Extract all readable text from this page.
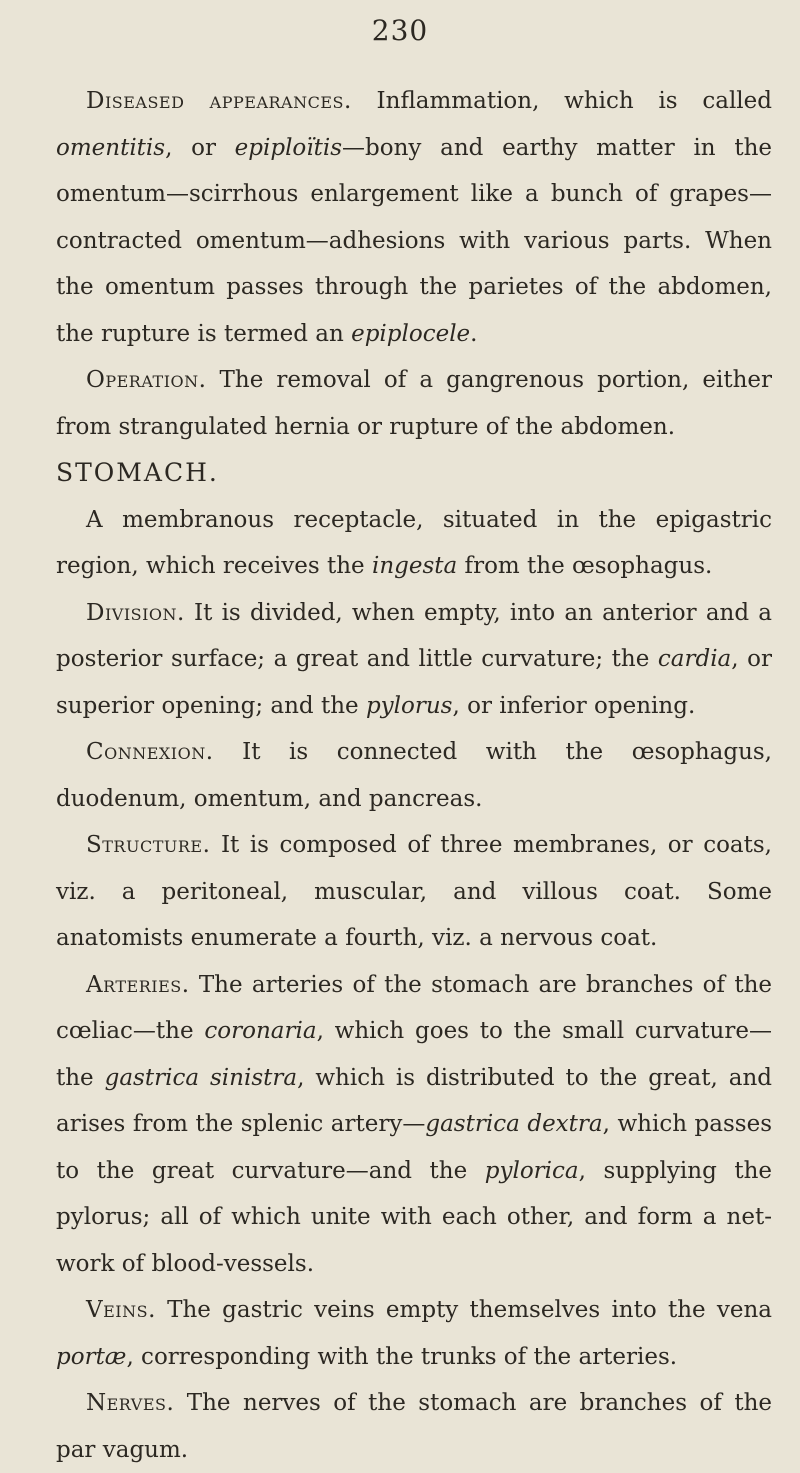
230

Diseased appearances. Inflammation, which is called omentitis, or epiploïtis—bony and earthy matter in the omentum—scirrhous enlargement like a bunch of grapes—contracted omentum—adhesions with various parts. When the omentum passes through the parietes of the abdomen, the rupture is termed an epiplocele.

Operation. The removal of a gangrenous portion, either from strangulated hernia or rupture of the abdomen.

STOMACH.

A membranous receptacle, situated in the epigastric region, which receives the ingesta from the œsophagus.

Division. It is divided, when empty, into an anterior and a posterior surface; a great and little curvature; the cardia, or superior opening; and the pylorus, or inferior opening.

Connexion. It is connected with the œsophagus, duodenum, omentum, and pancreas.

Structure. It is composed of three membranes, or coats, viz. a peritoneal, muscular, and villous coat. Some anatomists enumerate a fourth, viz. a nervous coat.

Arteries. The arteries of the stomach are branches of the cœliac—the coronaria, which goes to the small curvature—the gastrica sinistra, which is distributed to the great, and arises from the splenic artery—gastrica dextra, which passes to the great curvature—and the pylorica, supplying the pylorus; all of which unite with each other, and form a net-work of blood-vessels.

Veins. The gastric veins empty themselves into the vena portæ, corresponding with the trunks of the arteries.

Nerves. The nerves of the stomach are branches of the par vagum.
